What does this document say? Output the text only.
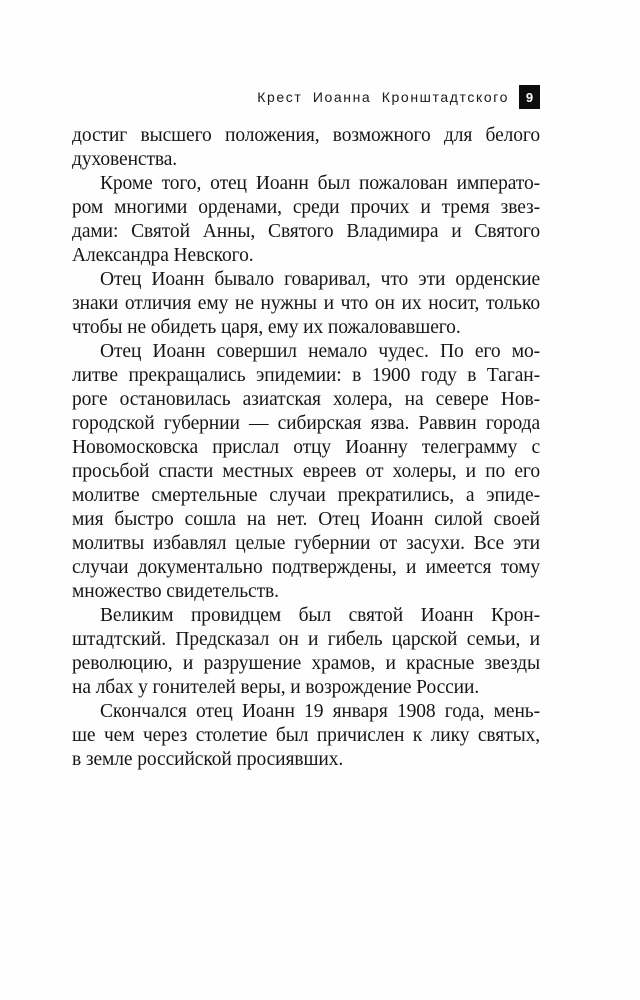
Крест Иоанна Кронштадтского	9
достиг высшего положения, возможного для белого
духовенства.
Кроме того, отец Иоанн был пожалован императо-
ром многими орденами, среди прочих и тремя звез-
дами: Святой Анны, Святого Владимира и Святого
Александра Невского.
Отец Иоанн бывало говаривал, что эти орденские
знаки отличия ему не нужны и что он их носит, только
чтобы не обидеть царя, ему их пожаловавшего.
Отец Иоанн совершил немало чудес. По его мо-
литве прекращались эпидемии: в 1900 году в Таган-
роге остановилась азиатская холера, на севере Нов-
городской губернии — сибирская язва. Раввин города
Новомосковска прислал отцу Иоанну телеграмму с
просьбой спасти местных евреев от холеры, и по его
молитве смертельные случаи прекратились, а эпиде-
мия быстро сошла на нет. Отец Иоанн силой своей
молитвы избавлял целые губернии от засухи. Все эти
случаи документально подтверждены, и имеется тому
множество свидетельств.
Великим провидцем был святой Иоанн Крон-
штадтский. Предсказал он и гибель царской семьи, и
революцию, и разрушение храмов, и красные звезды
на лбах у гонителей веры, и возрождение России.
Скончался отец Иоанн 19 января 1908 года, мень-
ше чем через столетие был причислен к лику святых,
в земле российской просиявших.
